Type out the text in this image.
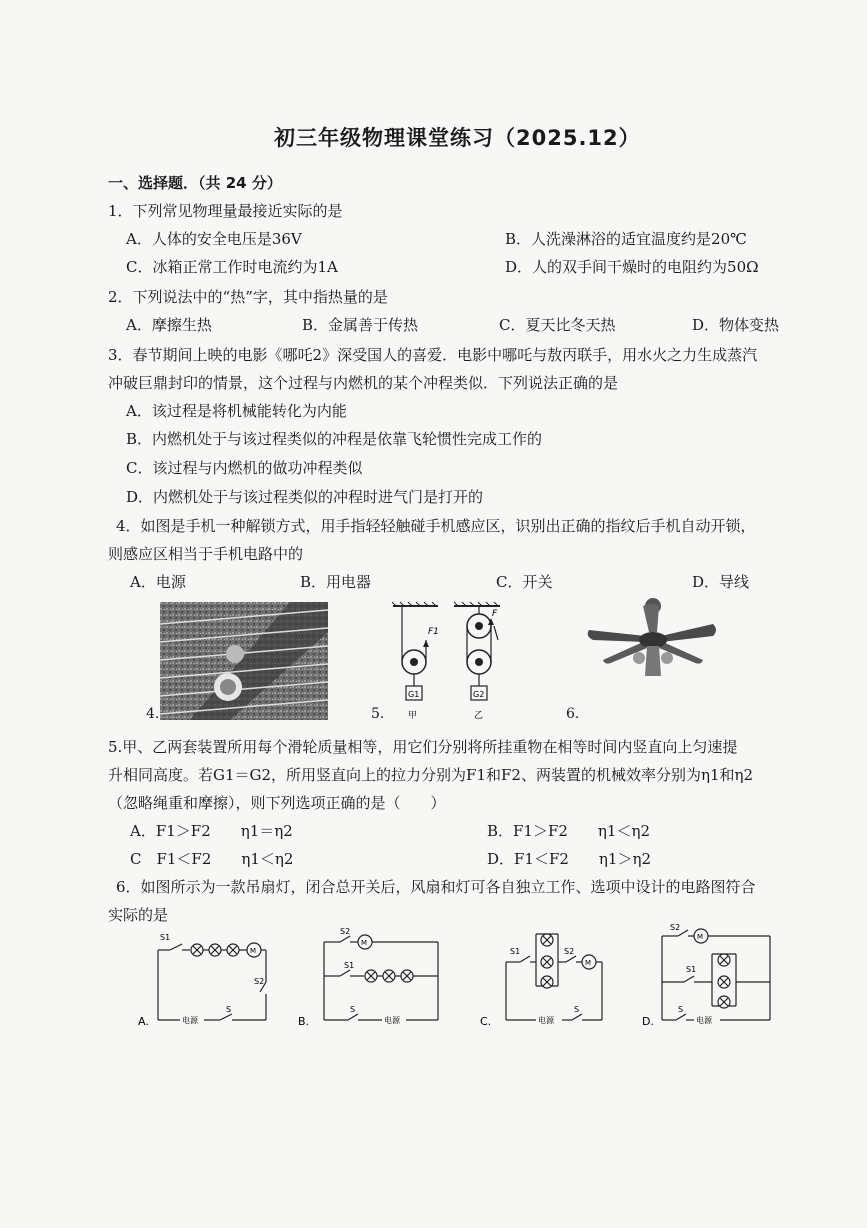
初三年级物理课堂练习（2025.12）
一、选择题．（共 24 分）
1．下列常见物理量最接近实际的是
A．人体的安全电压是36V	B．人洗澡淋浴的适宜温度约是20℃
C．冰箱正常工作时电流约为1A	D．人的双手间干燥时的电阻约为50Ω
2．下列说法中的“热”字，其中指热量的是
A．摩擦生热	B．金属善于传热	C．夏天比冬天热	D．物体变热
3．春节期间上映的电影《哪吒2》深受国人的喜爱．电影中哪吒与敖丙联手，用水火之力生成蒸汽
冲破巨鼎封印的情景，这个过程与内燃机的某个冲程类似．下列说法正确的是
A．该过程是将机械能转化为内能
B．内燃机处于与该过程类似的冲程是依靠飞轮惯性完成工作的
C．该过程与内燃机的做功冲程类似
D．内燃机处于与该过程类似的冲程时进气门是打开的
4．如图是手机一种解锁方式，用手指轻轻触碰手机感应区，识别出正确的指纹后手机自动开锁，
则感应区相当于手机电路中的
A．电源	B．用电器	C．开关	D．导线
4.	5.
F1
G1
甲
F
G2
乙	6.
5.甲、乙两套装置所用每个滑轮质量相等，用它们分别将所挂重物在相等时间内竖直向上匀速提
升相同高度。若G1＝G2，所用竖直向上的拉力分别为F1和F2、两装置的机械效率分别为η1和η2
（忽略绳重和摩擦），则下列选项正确的是（　　）
A．F1＞F2　　η1＝η2	B．F1＞F2　　η1＜η2
C　F1＜F2　　η1＜η2	D．F1＜F2　　η1＞η2
6．如图所示为一款吊扇灯，闭合总开关后，风扇和灯可各自独立工作、选项中设计的电路图符合
实际的是
A.
S1
M
S2
电源
S
B.
S2
M
S1
S
电源	C.
S1	S2
M
电源
S
D.
S2
M
S1
S
电源
